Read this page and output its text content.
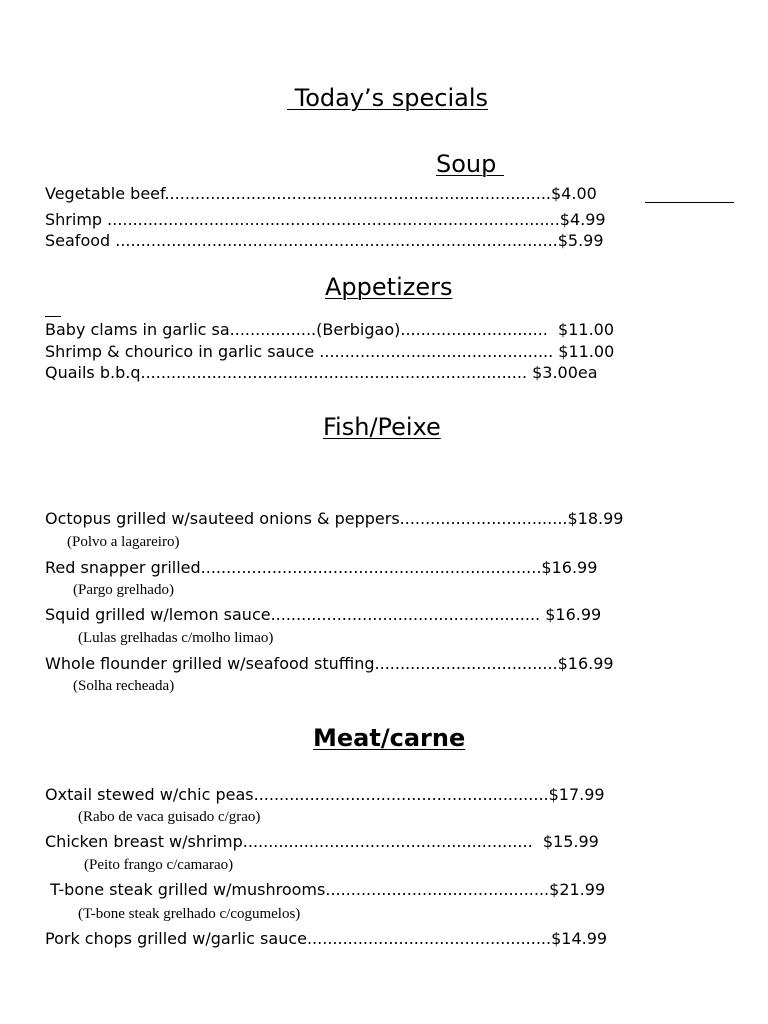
Today’s specials
Soup
Vegetable beef............................................................................$4.00
Shrimp .........................................................................................$4.99
Seafood .......................................................................................$5.99
Appetizers
Baby clams in garlic sa.................(Berbigao).............................  $11.00
Shrimp & chourico in garlic sauce .............................................. $11.00
Quails b.b.q............................................................................ $3.00ea
Fish/Peixe
Octopus grilled w/sauteed onions & peppers.................................$18.99
(Polvo a lagareiro)
Red snapper grilled...................................................................$16.99
(Pargo grelhado)
Squid grilled w/lemon sauce..................................................... $16.99
(Lulas grelhadas c/molho limao)
Whole flounder grilled w/seafood stuffing....................................$16.99
(Solha recheada)
Meat/carne
Oxtail stewed w/chic peas..........................................................$17.99
(Rabo de vaca guisado c/grao)
Chicken breast w/shrimp.........................................................  $15.99
(Peito frango c/camarao)
T-bone steak grilled w/mushrooms............................................$21.99
(T-bone steak grelhado c/cogumelos)
Pork chops grilled w/garlic sauce................................................$14.99
